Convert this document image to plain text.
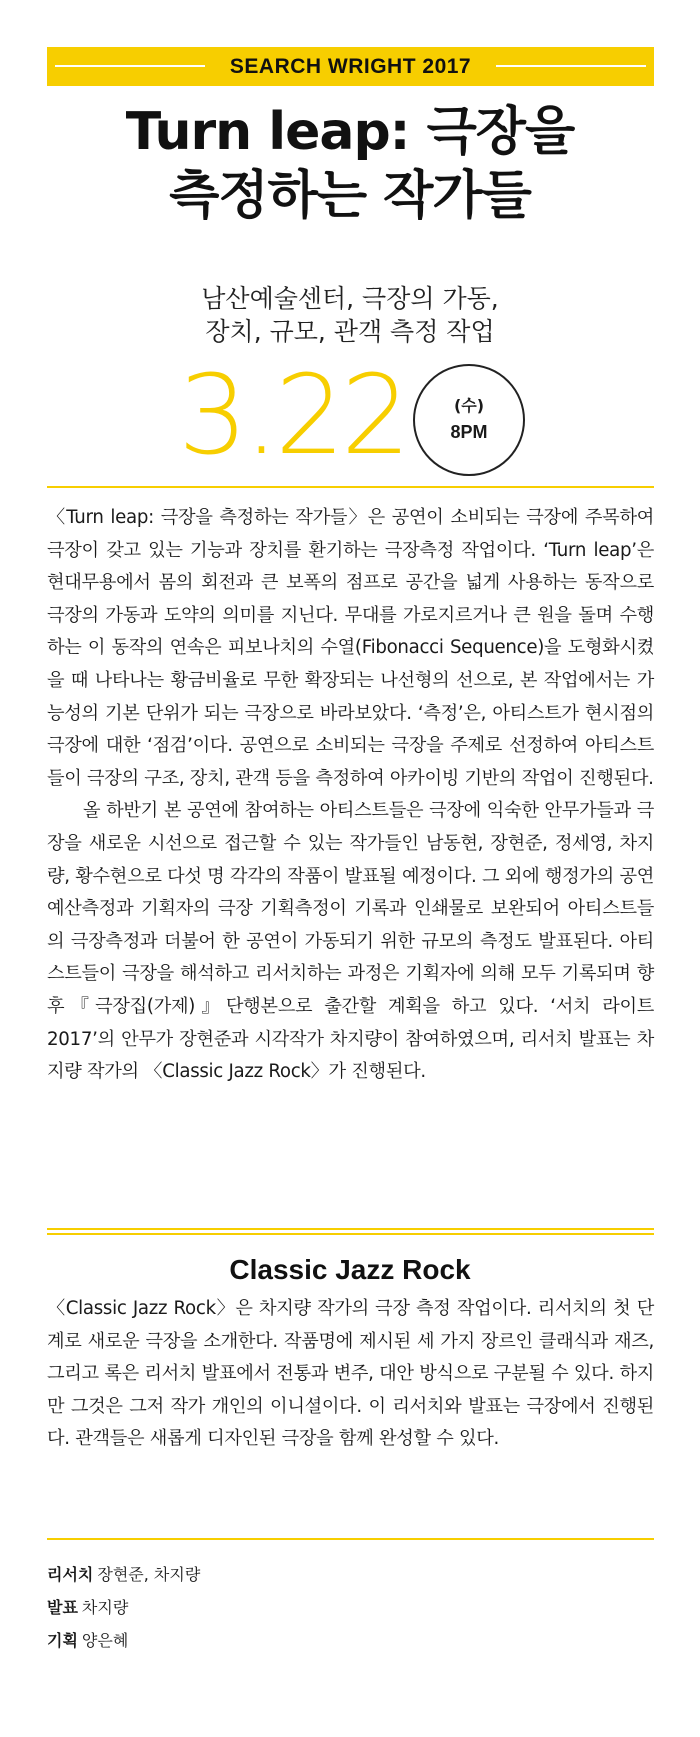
SEARCH WRIGHT 2017
Turn leap: 극장을
측정하는 작가들
남산예술센터, 극장의 가동,
장치, 규모, 관객 측정 작업
3.22	(수)
8PM

〈Turn leap: 극장을 측정하는 작가들〉은 공연이 소비되는 극장에 주목하여 극장이 갖고 있는 기능과 장치를 환기하는 극장측정 작업이다. ‘Turn leap’은 현대무용에서 몸의 회전과 큰 보폭의 점프로 공간을 넓게 사용하는 동작으로 극장의 가동과 도약의 의미를 지닌다. 무대를 가로지르거나 큰 원을 돌며 수행하는 이 동작의 연속은 피보나치의 수열(Fibonacci Sequence)을 도형화시켰을 때 나타나는 황금비율로 무한 확장되는 나선형의 선으로, 본 작업에서는 가능성의 기본 단위가 되는 극장으로 바라보았다. ‘측정’은, 아티스트가 현시점의 극장에 대한 ‘점검’이다. 공연으로 소비되는 극장을 주제로 선정하여 아티스트들이 극장의 구조, 장치, 관객 등을 측정하여 아카이빙 기반의 작업이 진행된다.

올 하반기 본 공연에 참여하는 아티스트들은 극장에 익숙한 안무가들과 극장을 새로운 시선으로 접근할 수 있는 작가들인 남동현, 장현준, 정세영, 차지량, 황수현으로 다섯 명 각각의 작품이 발표될 예정이다. 그 외에 행정가의 공연예산측정과 기획자의 극장 기획측정이 기록과 인쇄물로 보완되어 아티스트들의 극장측정과 더불어 한 공연이 가동되기 위한 규모의 측정도 발표된다. 아티스트들이 극장을 해석하고 리서치하는 과정은 기획자에 의해 모두 기록되며 향후『극장집(가제)』단행본으로 출간할 계획을 하고 있다. ‘서치 라이트 2017’의 안무가 장현준과 시각작가 차지량이 참여하였으며, 리서치 발표는 차지량 작가의 〈Classic Jazz Rock〉가 진행된다.

Classic Jazz Rock

〈Classic Jazz Rock〉은 차지량 작가의 극장 측정 작업이다. 리서치의 첫 단계로 새로운 극장을 소개한다. 작품명에 제시된 세 가지 장르인 클래식과 재즈, 그리고 록은 리서치 발표에서 전통과 변주, 대안 방식으로 구분될 수 있다. 하지만 그것은 그저 작가 개인의 이니셜이다. 이 리서치와 발표는 극장에서 진행된다. 관객들은 새롭게 디자인된 극장을 함께 완성할 수 있다.

리서치 장현준, 차지량
발표 차지량
기획 양은혜
